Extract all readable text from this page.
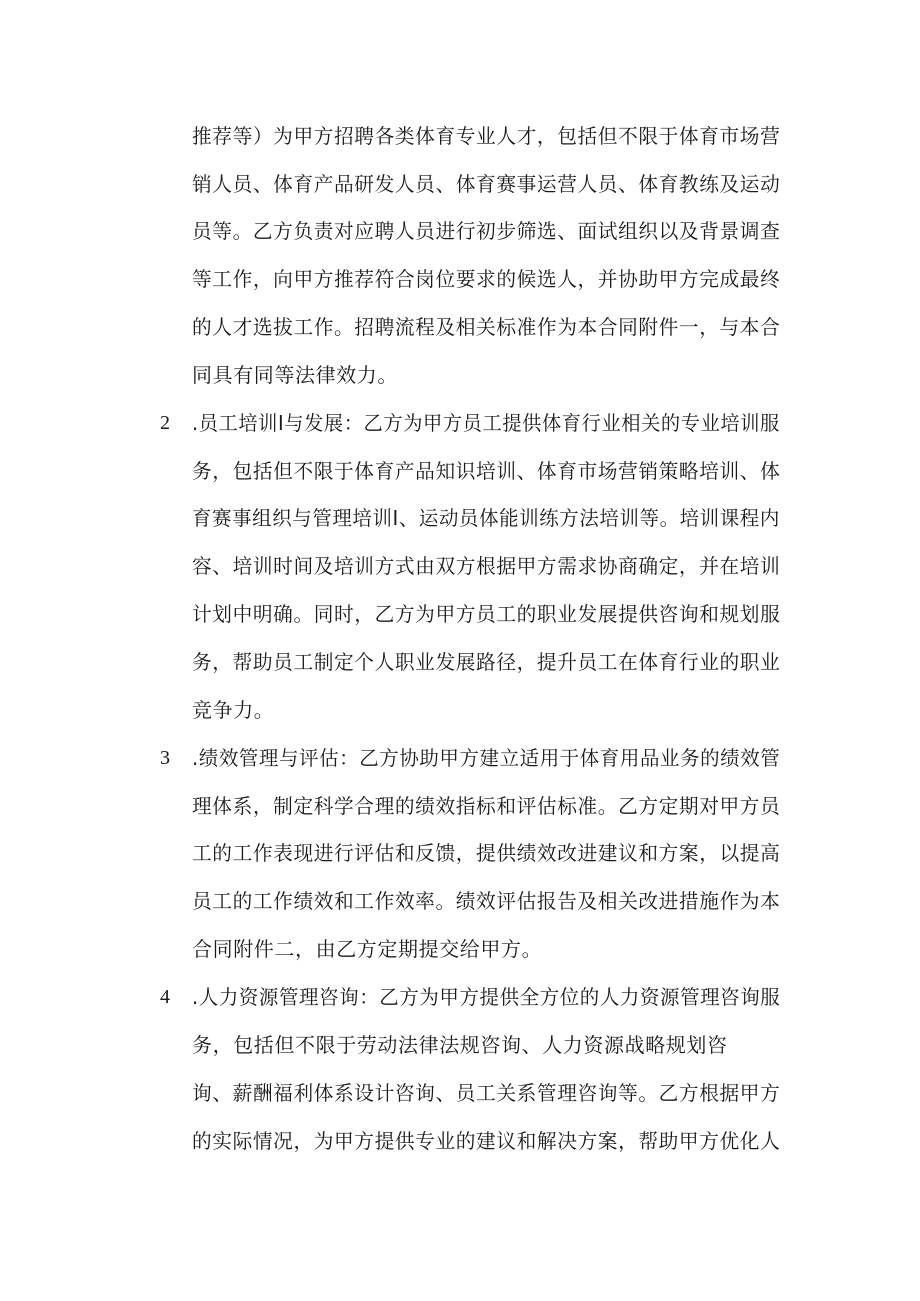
推荐等）为甲方招聘各类体育专业人才，包括但不限于体育市场营
销人员、体育产品研发人员、体育赛事运营人员、体育教练及运动
员等。乙方负责对应聘人员进行初步筛选、面试组织以及背景调查
等工作，向甲方推荐符合岗位要求的候选人，并协助甲方完成最终
的人才选拔工作。招聘流程及相关标准作为本合同附件一，与本合
同具有同等法律效力。
2 .员工培训I与发展：乙方为甲方员工提供体育行业相关的专业培训服
务，包括但不限于体育产品知识培训、体育市场营销策略培训、体
育赛事组织与管理培训I、运动员体能训练方法培训等。培训课程内
容、培训时间及培训方式由双方根据甲方需求协商确定，并在培训
计划中明确。同时，乙方为甲方员工的职业发展提供咨询和规划服
务，帮助员工制定个人职业发展路径，提升员工在体育行业的职业
竞争力。
3 .绩效管理与评估：乙方协助甲方建立适用于体育用品业务的绩效管
理体系，制定科学合理的绩效指标和评估标准。乙方定期对甲方员
工的工作表现进行评估和反馈，提供绩效改进建议和方案，以提高
员工的工作绩效和工作效率。绩效评估报告及相关改进措施作为本
合同附件二，由乙方定期提交给甲方。
4 .人力资源管理咨询：乙方为甲方提供全方位的人力资源管理咨询服
务，包括但不限于劳动法律法规咨询、人力资源战略规划咨
询、薪酬福利体系设计咨询、员工关系管理咨询等。乙方根据甲方
的实际情况，为甲方提供专业的建议和解决方案，帮助甲方优化人
